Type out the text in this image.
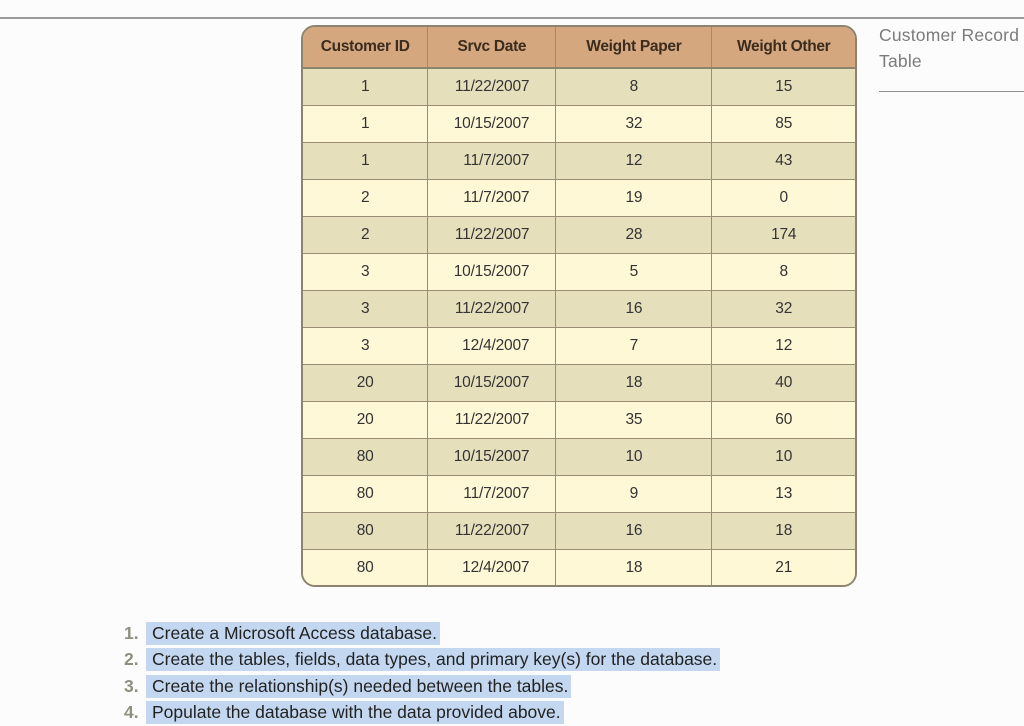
Customer Record
Table
Customer ID	Srvc Date	Weight Paper	Weight Other
1	11/22/2007	8	15
1	10/15/2007	32	85
1	11/7/2007	12	43
2	11/7/2007	19	0
2	11/22/2007	28	174
3	10/15/2007	5	8
3	11/22/2007	16	32
3	12/4/2007	7	12
20	10/15/2007	18	40
20	11/22/2007	35	60
80	10/15/2007	10	10
80	11/7/2007	9	13
80	11/22/2007	16	18
80	12/4/2007	18	21
1. Create a Microsoft Access database.
2. Create the tables, fields, data types, and primary key(s) for the database.
3. Create the relationship(s) needed between the tables.
4. Populate the database with the data provided above.
